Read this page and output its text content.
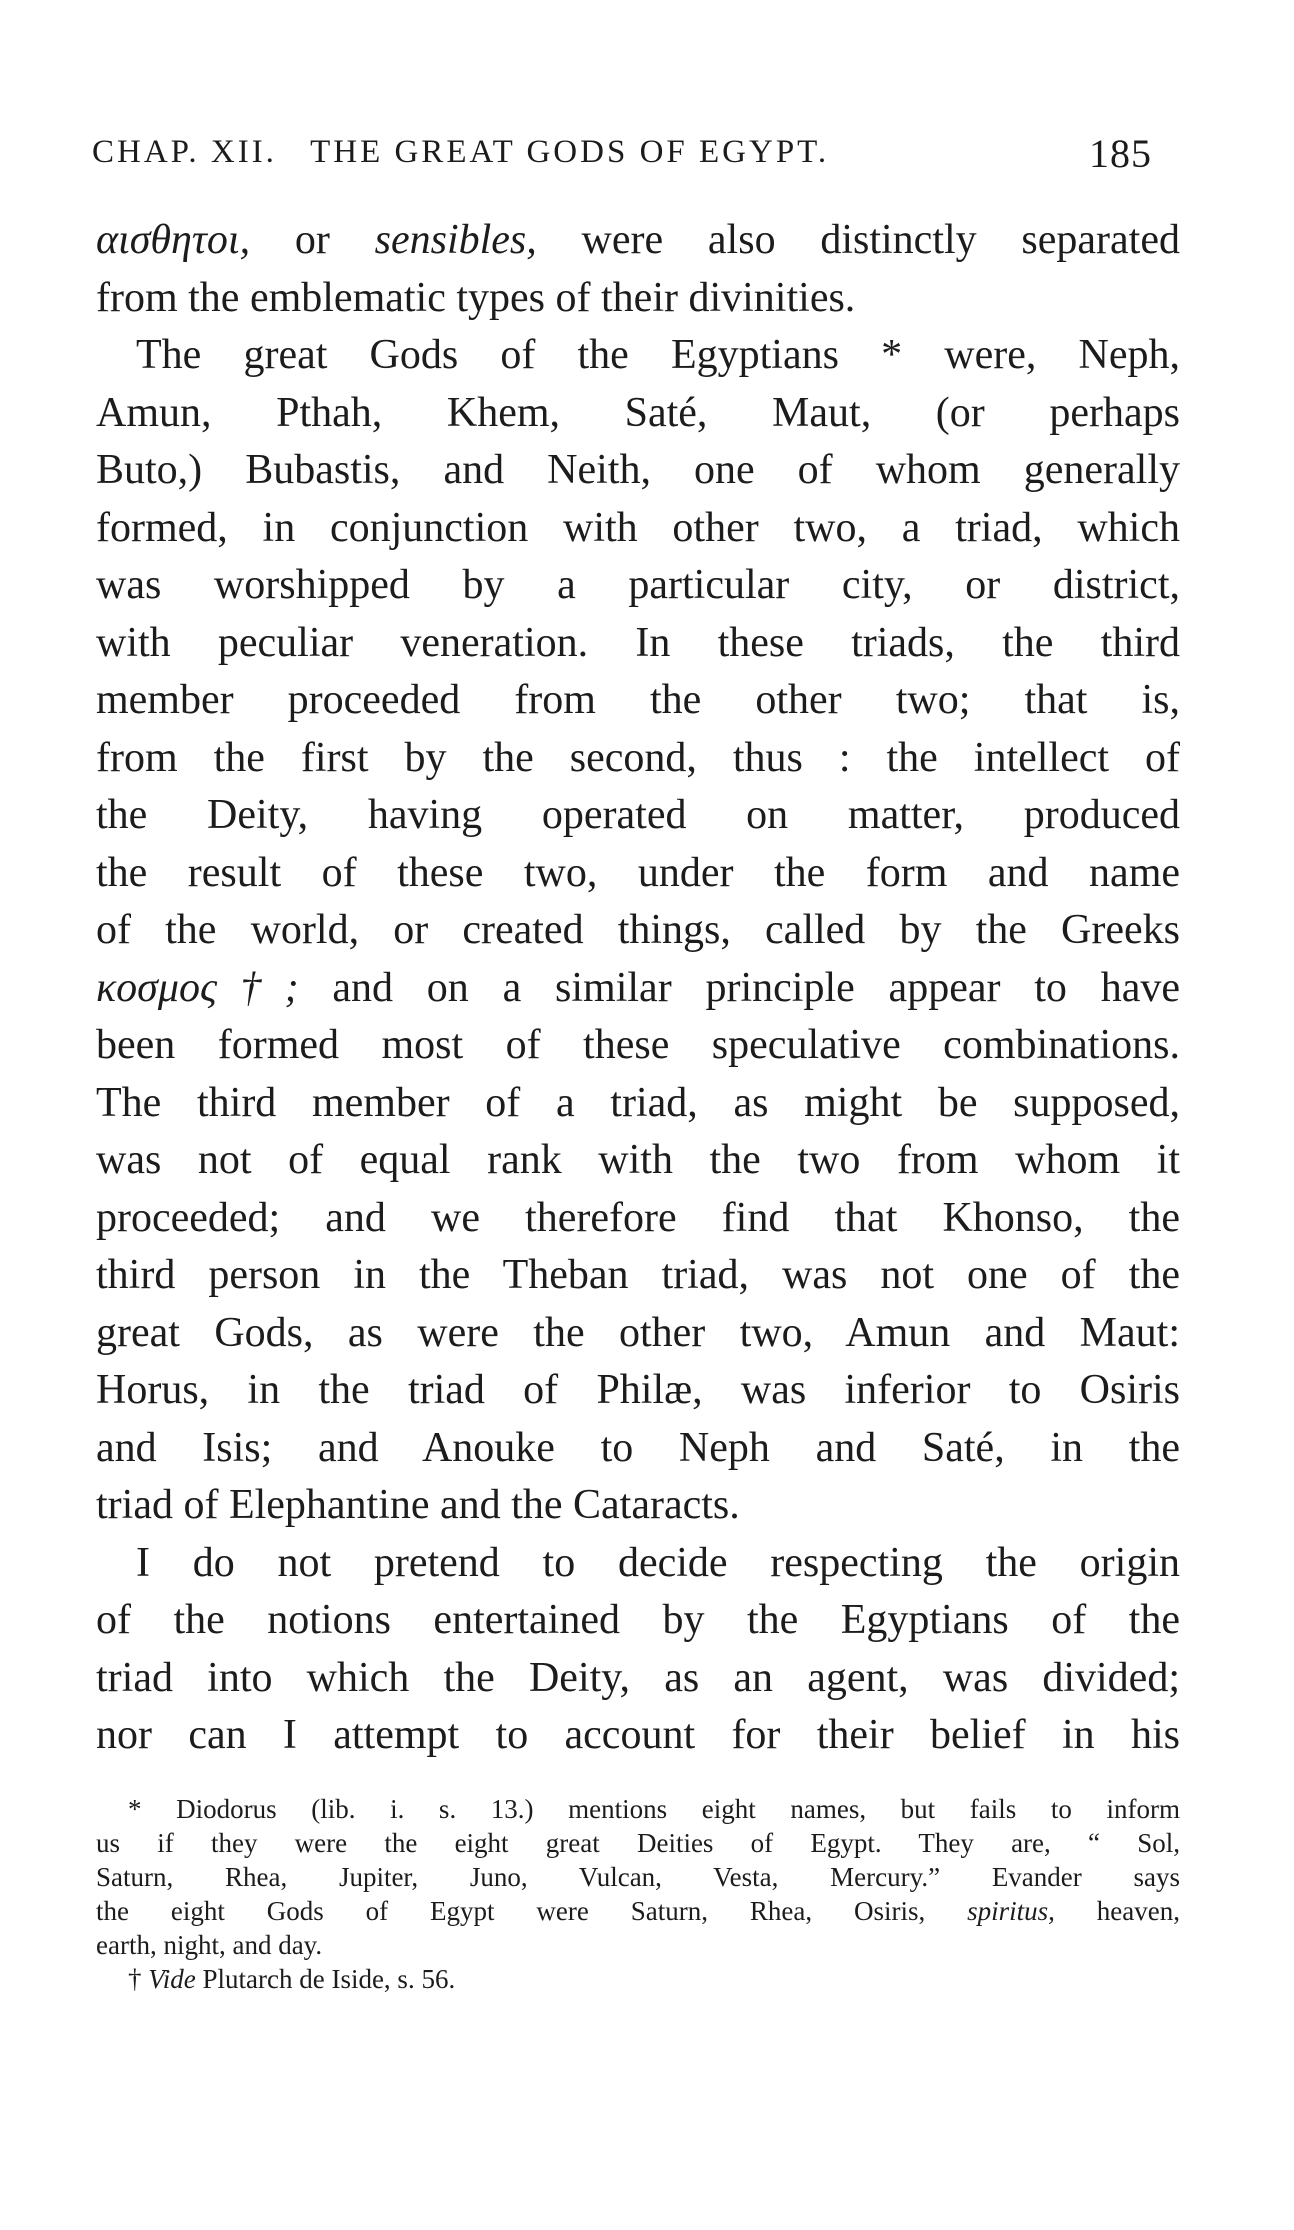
CHAP. XII.   THE GREAT GODS OF EGYPT.	185
αισθητοι, or sensibles, were also distinctly separated
from the emblematic types of their divinities.
The great Gods of the Egyptians * were, Neph,
Amun, Pthah, Khem, Saté, Maut, (or perhaps
Buto,) Bubastis, and Neith, one of whom generally
formed, in conjunction with other two, a triad, which
was worshipped by a particular city, or district,
with peculiar veneration. In these triads, the third
member proceeded from the other two; that is,
from the first by the second, thus : the intellect of
the Deity, having operated on matter, produced
the result of these two, under the form and name
of the world, or created things, called by the Greeks
κοσμος†; and on a similar principle appear to have
been formed most of these speculative combinations.
The third member of a triad, as might be supposed,
was not of equal rank with the two from whom it
proceeded; and we therefore find that Khonso, the
third person in the Theban triad, was not one of the
great Gods, as were the other two, Amun and Maut:
Horus, in the triad of Philæ, was inferior to Osiris
and Isis; and Anouke to Neph and Saté, in the
triad of Elephantine and the Cataracts.
I do not pretend to decide respecting the origin
of the notions entertained by the Egyptians of the
triad into which the Deity, as an agent, was divided;
nor can I attempt to account for their belief in his
* Diodorus (lib. i. s. 13.) mentions eight names, but fails to inform
us if they were the eight great Deities of Egypt. They are, “ Sol,
Saturn, Rhea, Jupiter, Juno, Vulcan, Vesta, Mercury.” Evander says
the eight Gods of Egypt were Saturn, Rhea, Osiris, spiritus, heaven,
earth, night, and day.
† Vide Plutarch de Iside, s. 56.
